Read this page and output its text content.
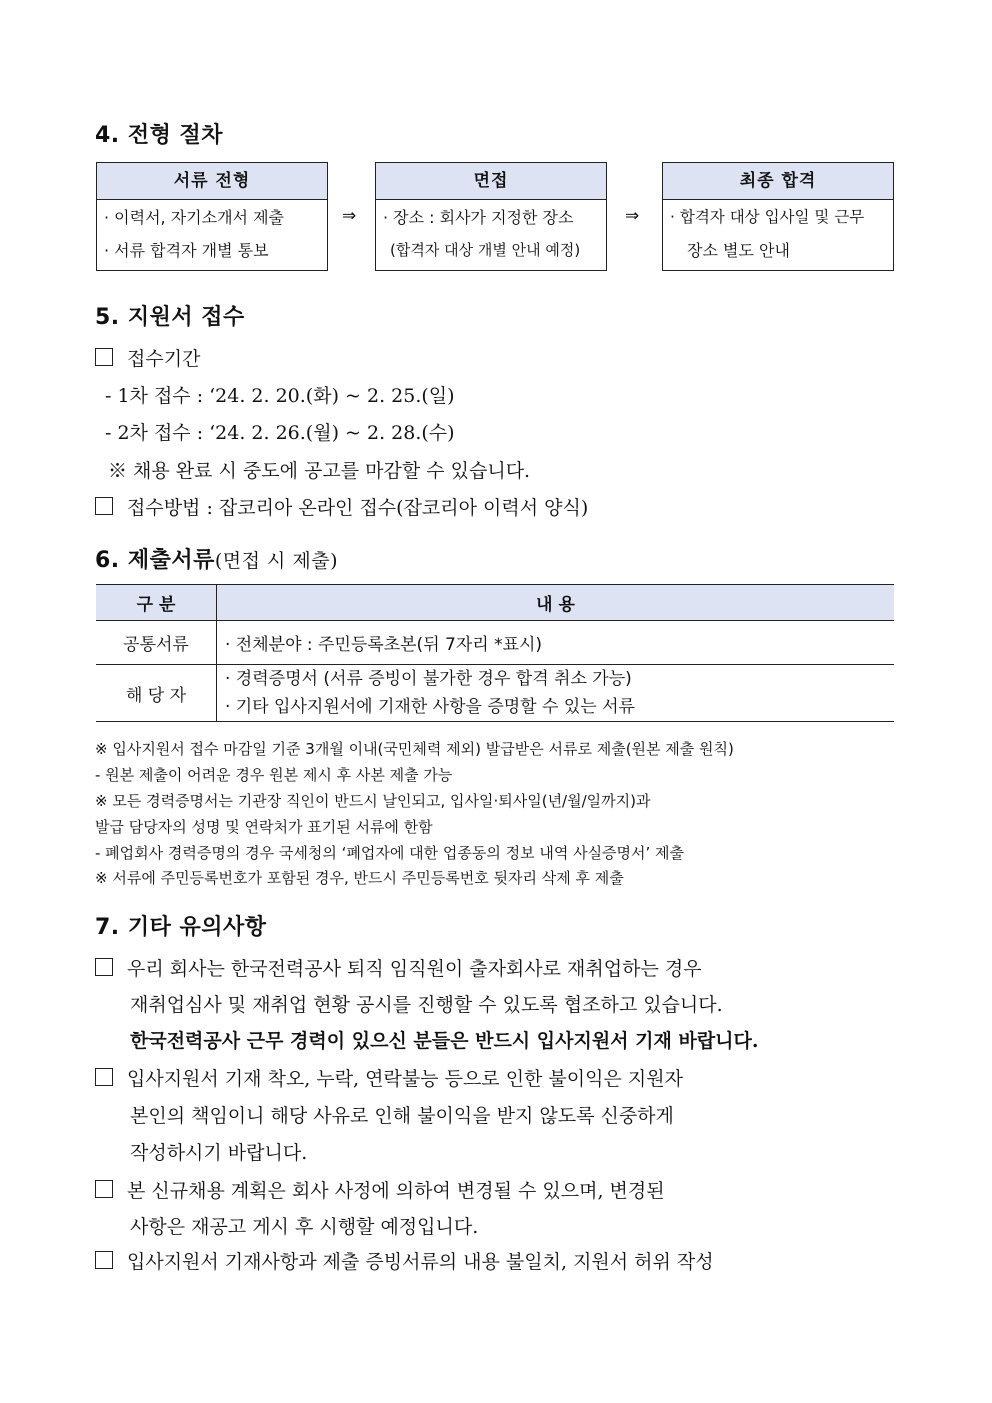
4. 전형 절차
서류 전형
· 이력서, 자기소개서 제출
· 서류 합격자 개별 통보
⇒
면접
· 장소 : 회사가 지정한 장소
(합격자 대상 개별 안내 예정)
⇒
최종 합격
· 합격자 대상 입사일 및 근무
장소 별도 안내
5. 지원서 접수
접수기간
- 1차 접수 : ‘24. 2. 20.(화) ~ 2. 25.(일)
- 2차 접수 : ‘24. 2. 26.(월) ~ 2. 28.(수)
※ 채용 완료 시 중도에 공고를 마감할 수 있습니다.
접수방법 : 잡코리아 온라인 접수(잡코리아 이력서 양식)
6. 제출서류(면접 시 제출)
구 분	내 용
공통서류	· 전체분야 : 주민등록초본(뒤 7자리 *표시)
해 당 자	· 경력증명서 (서류 증빙이 불가한 경우 합격 취소 가능)
· 기타 입사지원서에 기재한 사항을 증명할 수 있는 서류
※ 입사지원서 접수 마감일 기준 3개월 이내(국민체력 제외) 발급받은 서류로 제출(원본 제출 원칙)
- 원본 제출이 어려운 경우 원본 제시 후 사본 제출 가능
※ 모든 경력증명서는 기관장 직인이 반드시 날인되고, 입사일·퇴사일(년/월/일까지)과
발급 담당자의 성명 및 연락처가 표기된 서류에 한함
- 폐업회사 경력증명의 경우 국세청의 ‘폐업자에 대한 업종동의 정보 내역 사실증명서’ 제출
※ 서류에 주민등록번호가 포함된 경우, 반드시 주민등록번호 뒷자리 삭제 후 제출
7. 기타 유의사항
우리 회사는 한국전력공사 퇴직 임직원이 출자회사로 재취업하는 경우
재취업심사 및 재취업 현황 공시를 진행할 수 있도록 협조하고 있습니다.
한국전력공사 근무 경력이 있으신 분들은 반드시 입사지원서 기재 바랍니다.
입사지원서 기재 착오, 누락, 연락불능 등으로 인한 불이익은 지원자
본인의 책임이니 해당 사유로 인해 불이익을 받지 않도록 신중하게
작성하시기 바랍니다.
본 신규채용 계획은 회사 사정에 의하여 변경될 수 있으며, 변경된
사항은 재공고 게시 후 시행할 예정입니다.
입사지원서 기재사항과 제출 증빙서류의 내용 불일치, 지원서 허위 작성
